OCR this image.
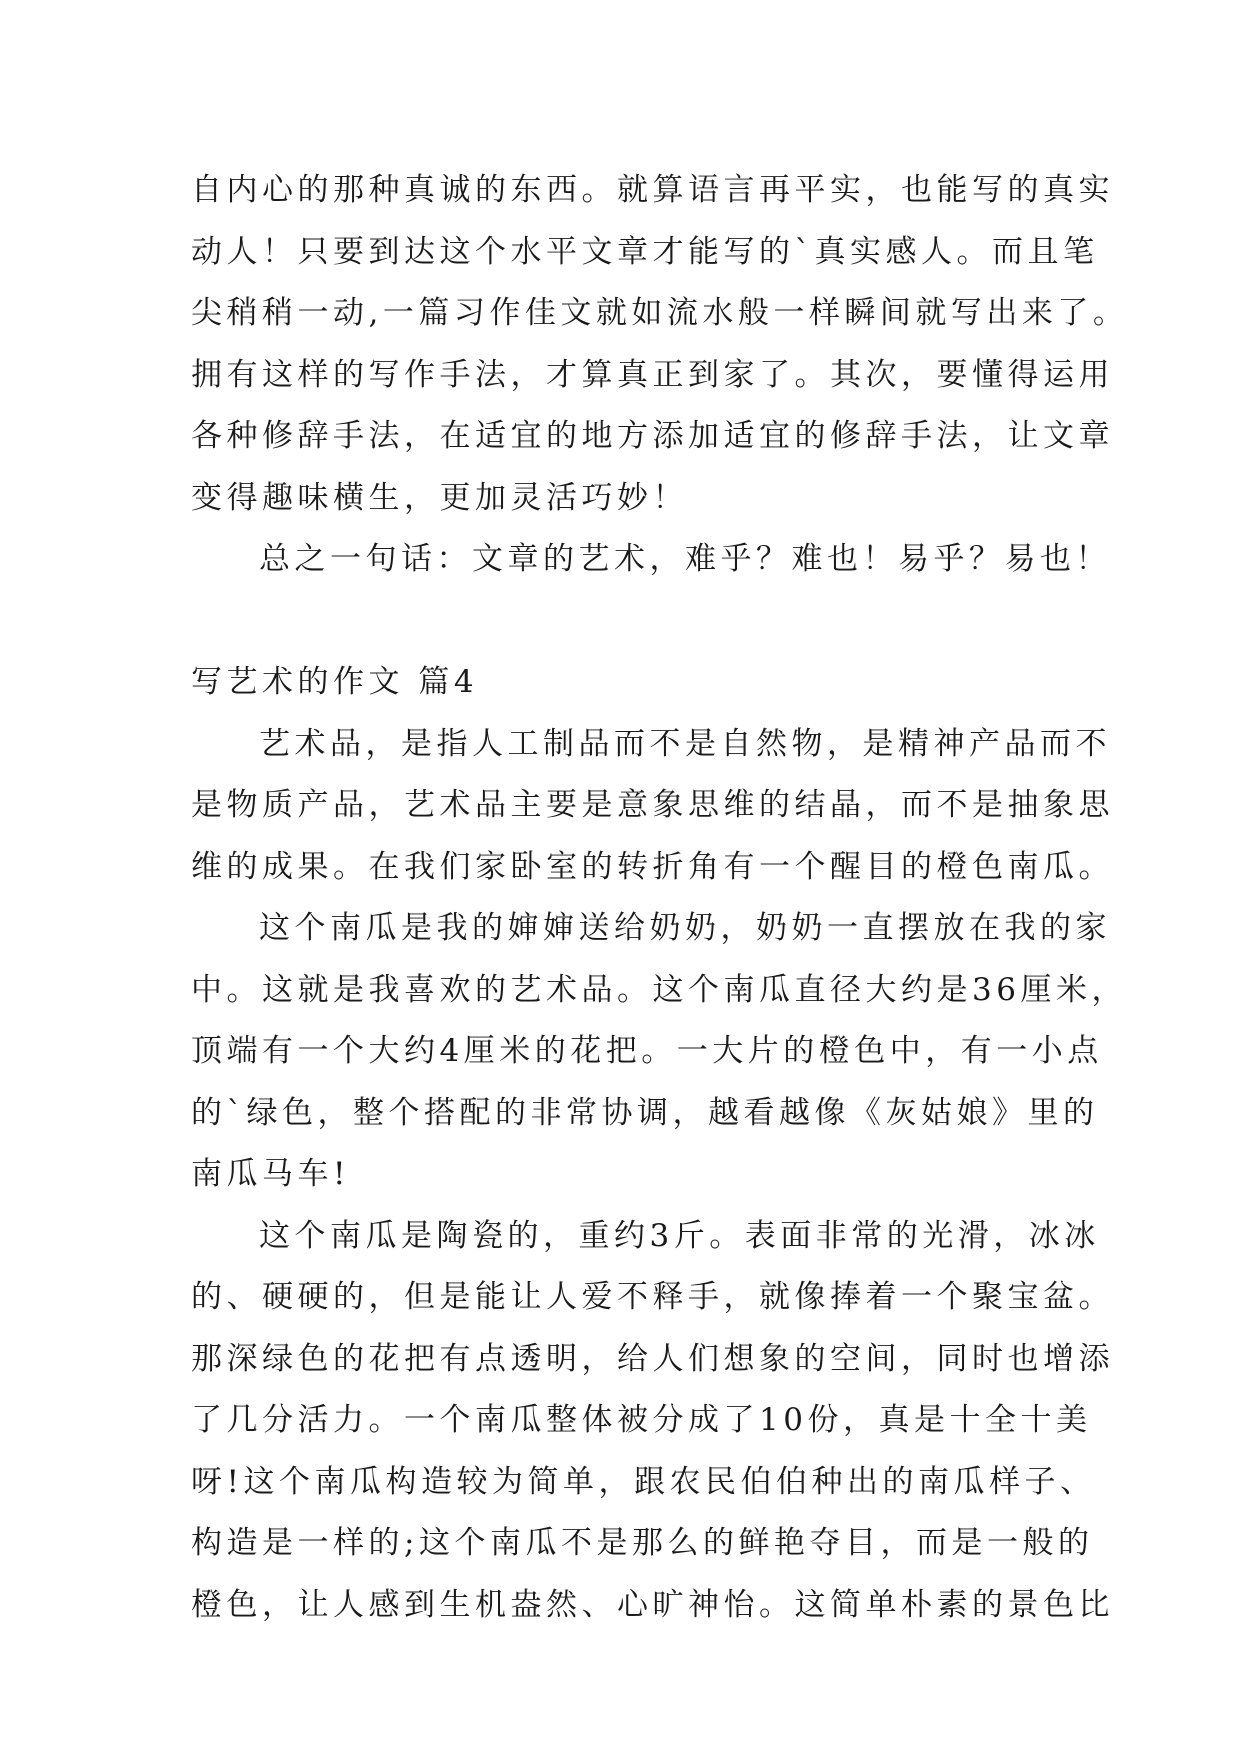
自内心的那种真诚的东西。就算语言再平实，也能写的真实
动人！只要到达这个水平文章才能写的`真实感人。而且笔
尖稍稍一动,一篇习作佳文就如流水般一样瞬间就写出来了。
拥有这样的写作手法，才算真正到家了。其次，要懂得运用
各种修辞手法，在适宜的地方添加适宜的修辞手法，让文章
变得趣味横生，更加灵活巧妙！
总之一句话：文章的艺术，难乎？难也！易乎？易也！
写艺术的作文 篇4
艺术品，是指人工制品而不是自然物，是精神产品而不
是物质产品，艺术品主要是意象思维的结晶，而不是抽象思
维的成果。在我们家卧室的转折角有一个醒目的橙色南瓜。
这个南瓜是我的婶婶送给奶奶，奶奶一直摆放在我的家
中。这就是我喜欢的艺术品。这个南瓜直径大约是36厘米，
顶端有一个大约4厘米的花把。一大片的橙色中，有一小点
的`绿色，整个搭配的非常协调，越看越像《灰姑娘》里的
南瓜马车!
这个南瓜是陶瓷的，重约3斤。表面非常的光滑，冰冰
的、硬硬的，但是能让人爱不释手，就像捧着一个聚宝盆。
那深绿色的花把有点透明，给人们想象的空间，同时也增添
了几分活力。一个南瓜整体被分成了10份，真是十全十美
呀!这个南瓜构造较为简单，跟农民伯伯种出的南瓜样子、
构造是一样的;这个南瓜不是那么的鲜艳夺目，而是一般的
橙色，让人感到生机盎然、心旷神怡。这简单朴素的景色比
